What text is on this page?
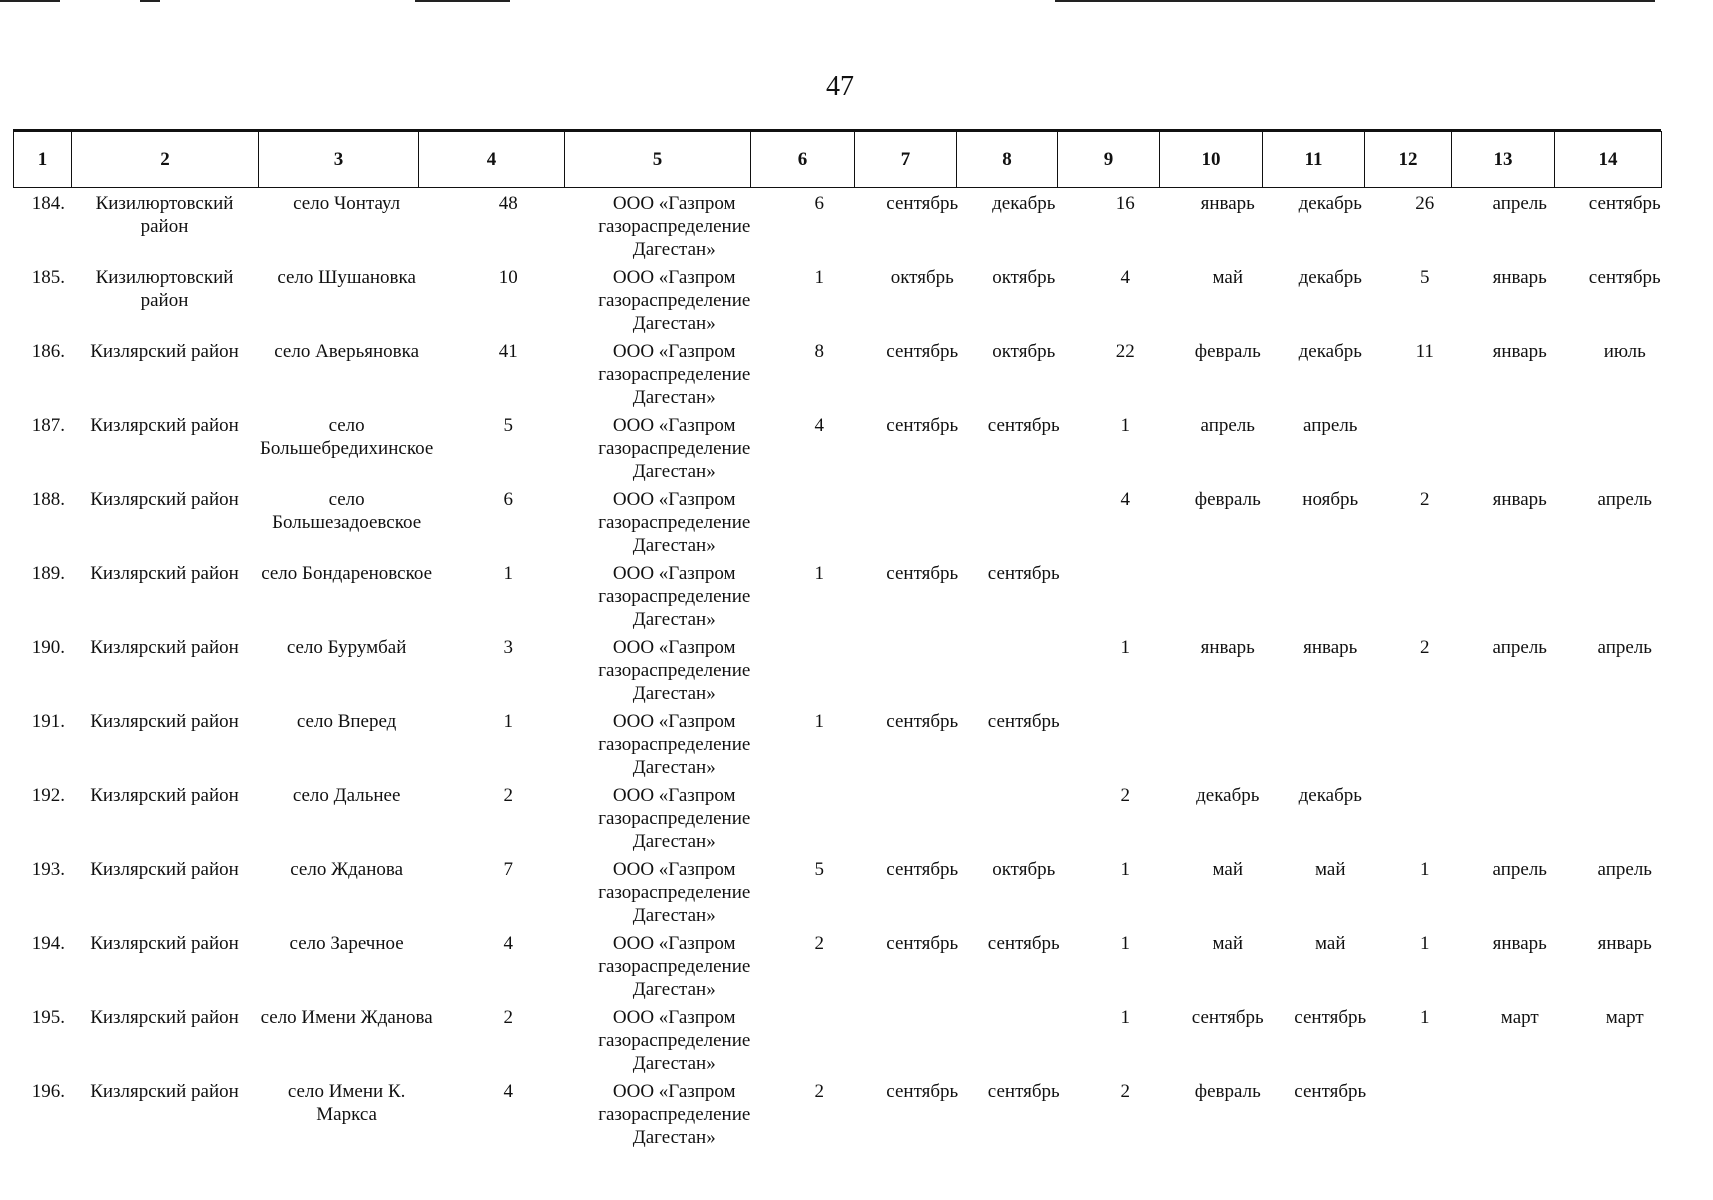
47
1	2	3	4	5	6	7	8	9	10	11	12	13	14
184.	Кизилюртовский район	село Чонтаул	48	ООО «Газпром газораспределение Дагестан»	6	сентябрь	декабрь	16	январь	декабрь	26	апрель	сентябрь
185.	Кизилюртовский район	село Шушановка	10	ООО «Газпром газораспределение Дагестан»	1	октябрь	октябрь	4	май	декабрь	5	январь	сентябрь
186.	Кизлярский район	село Аверьяновка	41	ООО «Газпром газораспределение Дагестан»	8	сентябрь	октябрь	22	февраль	декабрь	11	январь	июль
187.	Кизлярский район	село Большебредихинское	5	ООО «Газпром газораспределение Дагестан»	4	сентябрь	сентябрь	1	апрель	апрель			
188.	Кизлярский район	село Большезадоевское	6	ООО «Газпром газораспределение Дагестан»				4	февраль	ноябрь	2	январь	апрель
189.	Кизлярский район	село Бондареновское	1	ООО «Газпром газораспределение Дагестан»	1	сентябрь	сентябрь						
190.	Кизлярский район	село Бурумбай	3	ООО «Газпром газораспределение Дагестан»				1	январь	январь	2	апрель	апрель
191.	Кизлярский район	село Вперед	1	ООО «Газпром газораспределение Дагестан»	1	сентябрь	сентябрь						
192.	Кизлярский район	село Дальнее	2	ООО «Газпром газораспределение Дагестан»				2	декабрь	декабрь			
193.	Кизлярский район	село Жданова	7	ООО «Газпром газораспределение Дагестан»	5	сентябрь	октябрь	1	май	май	1	апрель	апрель
194.	Кизлярский район	село Заречное	4	ООО «Газпром газораспределение Дагестан»	2	сентябрь	сентябрь	1	май	май	1	январь	январь
195.	Кизлярский район	село Имени Жданова	2	ООО «Газпром газораспределение Дагестан»				1	сентябрь	сентябрь	1	март	март
196.	Кизлярский район	село Имени К. Маркса	4	ООО «Газпром газораспределение Дагестан»	2	сентябрь	сентябрь	2	февраль	сентябрь			
